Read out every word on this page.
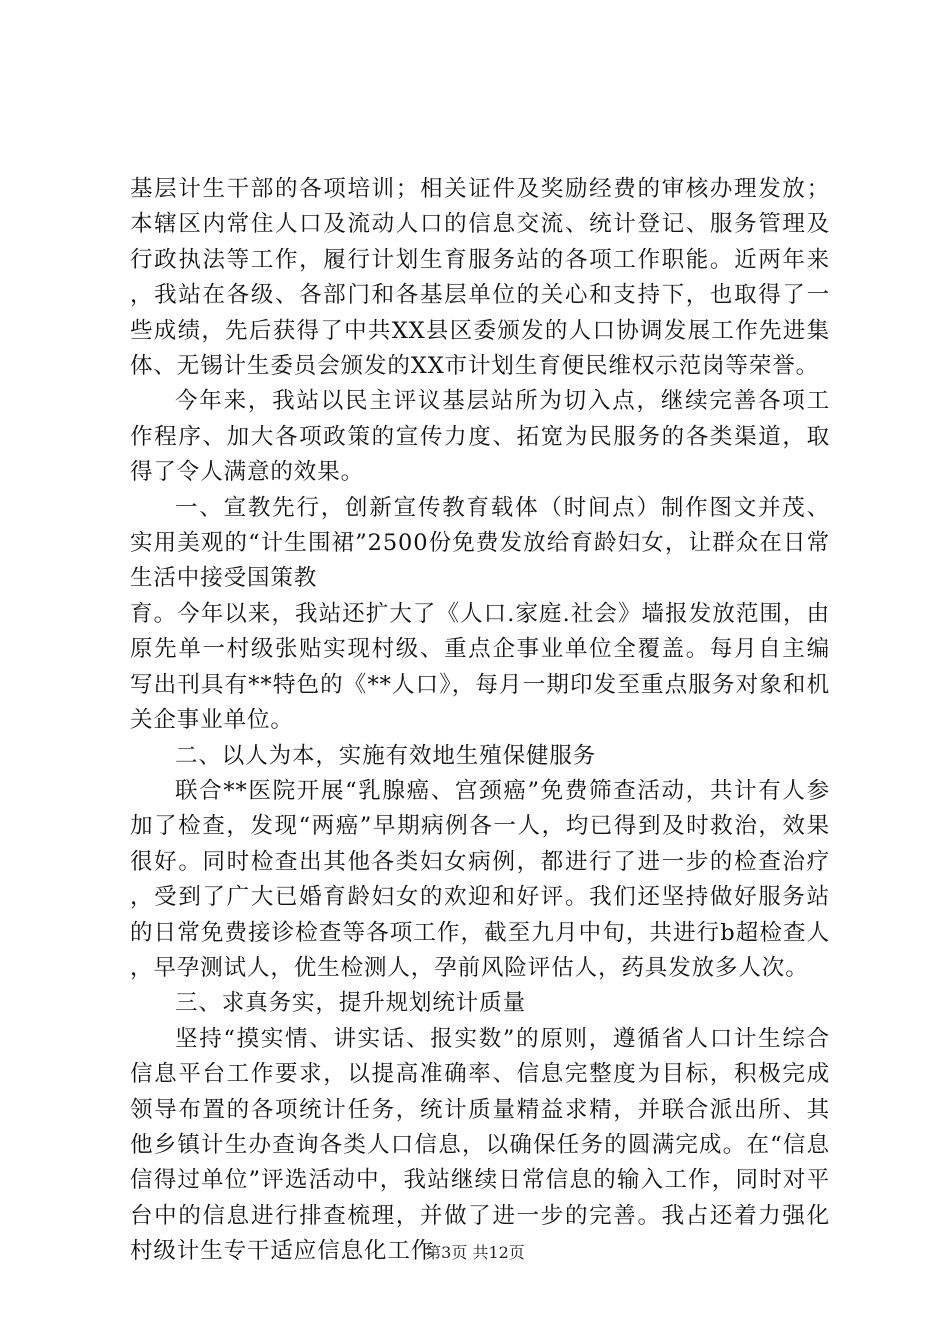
基层计生干部的各项培训；相关证件及奖励经费的审核办理发放；本辖区内常住人口及流动人口的信息交流、统计登记、服务管理及行政执法等工作，履行计划生育服务站的各项工作职能。近两年来，我站在各级、各部门和各基层单位的关心和支持下，也取得了一些成绩，先后获得了中共XX县区委颁发的人口协调发展工作先进集体、无锡计生委员会颁发的XX市计划生育便民维权示范岗等荣誉。

今年来，我站以民主评议基层站所为切入点，继续完善各项工作程序、加大各项政策的宣传力度、拓宽为民服务的各类渠道，取得了令人满意的效果。

一、宣教先行，创新宣传教育载体（时间点）制作图文并茂、实用美观的“计生围裙”2500份免费发放给育龄妇女，让群众在日常生活中接受国策教

育。今年以来，我站还扩大了《人口.家庭.社会》墙报发放范围，由原先单一村级张贴实现村级、重点企事业单位全覆盖。每月自主编写出刊具有**特色的《**人口》，每月一期印发至重点服务对象和机关企事业单位。

二、以人为本，实施有效地生殖保健服务

联合**医院开展“乳腺癌、宫颈癌”免费筛查活动，共计有人参加了检查，发现“两癌”早期病例各一人，均已得到及时救治，效果很好。同时检查出其他各类妇女病例，都进行了进一步的检查治疗，受到了广大已婚育龄妇女的欢迎和好评。我们还坚持做好服务站的日常免费接诊检查等各项工作，截至九月中旬，共进行b超检查人，早孕测试人，优生检测人，孕前风险评估人，药具发放多人次。

三、求真务实，提升规划统计质量

坚持“摸实情、讲实话、报实数”的原则，遵循省人口计生综合信息平台工作要求，以提高准确率、信息完整度为目标，积极完成领导布置的各项统计任务，统计质量精益求精，并联合派出所、其他乡镇计生办查询各类人口信息，以确保任务的圆满完成。在“信息信得过单位”评选活动中，我站继续日常信息的输入工作，同时对平台中的信息进行排查梳理，并做了进一步的完善。我占还着力强化村级计生专干适应信息化工作

第3页 共12页
